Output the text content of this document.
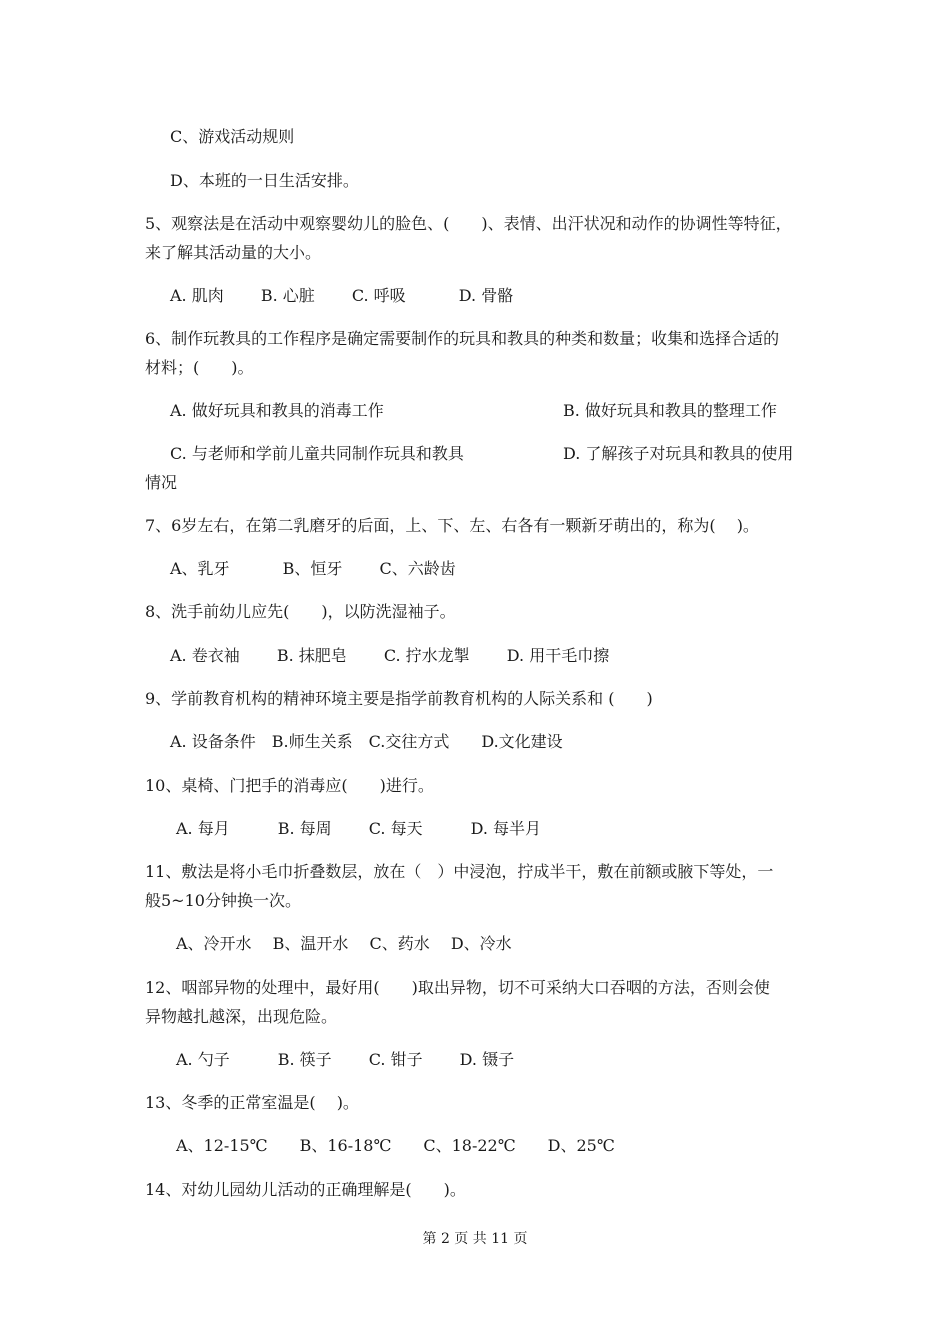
C、游戏活动规则
D、本班的一日生活安排。
5、观察法是在活动中观察婴幼儿的脸色、(　　)、表情、出汗状况和动作的协调性等特征，
来了解其活动量的大小。
A. 肌肉　　 B. 心脏　　 C. 呼吸　　　 D. 骨骼
6、制作玩教具的工作程序是确定需要制作的玩具和教具的种类和数量；收集和选择合适的
材料；(　　)。
A. 做好玩具和教具的消毒工作	B. 做好玩具和教具的整理工作
C. 与老师和学前儿童共同制作玩具和教具	D. 了解孩子对玩具和教具的使用
情况
7、6岁左右，在第二乳磨牙的后面，上、下、左、右各有一颗新牙萌出的，称为(　 )。
A、乳牙　　　 B、恒牙　　 C、六龄齿
8、洗手前幼儿应先(　　)，以防洗湿袖子。
A. 卷衣袖　　 B. 抹肥皂　　 C. 拧水龙掣　　 D. 用干毛巾擦
9、学前教育机构的精神环境主要是指学前教育机构的人际关系和 (　　)
A. 设备条件　B.师生关系　C.交往方式　　D.文化建设
10、桌椅、门把手的消毒应(　　)进行。
A. 每月　　　B. 每周　　 C. 每天　　　D. 每半月
11、敷法是将小毛巾折叠数层，放在（　）中浸泡，拧成半干，敷在前额或腋下等处，一
般5~10分钟换一次。
A、冷开水　 B、温开水　 C、药水　 D、冷水
12、咽部异物的处理中，最好用(　　)取出异物，切不可采纳大口吞咽的方法，否则会使
异物越扎越深，出现危险。
A. 勺子　　　B. 筷子　　 C. 钳子　　 D. 镊子
13、冬季的正常室温是(　 )。
A、12-15℃　　B、16-18℃　　C、18-22℃　　D、25℃
14、对幼儿园幼儿活动的正确理解是(　　)。
第 2 页 共 11 页
